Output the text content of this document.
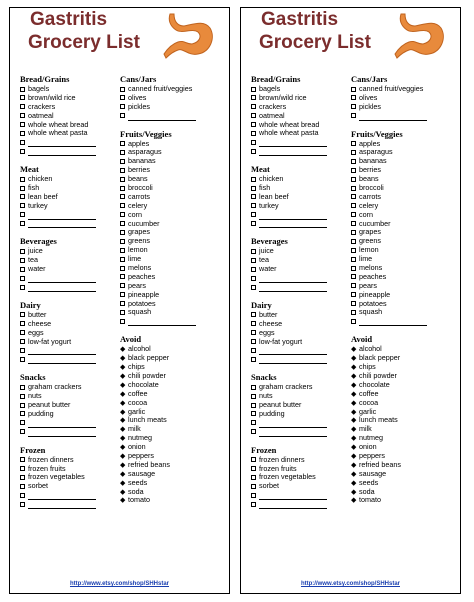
Gastritis
Grocery List
Bread/Grains
bagels
brown/wild rice
crackers
oatmeal
whole wheat bread
whole wheat pasta
Meat
chicken
fish
lean beef
turkey
Beverages
juice
tea
water
Dairy
butter
cheese
eggs
low-fat yogurt
Snacks
graham crackers
nuts
peanut butter
pudding
Frozen
frozen dinners
frozen fruits
frozen vegetables
sorbet
Cans/Jars
canned fruit/veggies
olives
pickles
Fruits/Veggies
apples
asparagus
bananas
berries
beans
broccoli
carrots
celery
corn
cucumber
grapes
greens
lemon
lime
melons
peaches
pears
pineapple
potatoes
squash
Avoid
◆ alcohol
◆ black pepper
◆ chips
◆ chili powder
◆ chocolate
◆ coffee
◆ cocoa
◆ garlic
◆ lunch meats
◆ milk
◆ nutmeg
◆ onion
◆ peppers
◆ refried beans
◆ sausage
◆ seeds
◆ soda
◆ tomato
http://www.etsy.com/shop/SHHstar
Gastritis
Grocery List
Bread/Grains
bagels
brown/wild rice
crackers
oatmeal
whole wheat bread
whole wheat pasta
Meat
chicken
fish
lean beef
turkey
Beverages
juice
tea
water
Dairy
butter
cheese
eggs
low-fat yogurt
Snacks
graham crackers
nuts
peanut butter
pudding
Frozen
frozen dinners
frozen fruits
frozen vegetables
sorbet
Cans/Jars
canned fruit/veggies
olives
pickles
Fruits/Veggies
apples
asparagus
bananas
berries
beans
broccoli
carrots
celery
corn
cucumber
grapes
greens
lemon
lime
melons
peaches
pears
pineapple
potatoes
squash
Avoid
◆ alcohol
◆ black pepper
◆ chips
◆ chili powder
◆ chocolate
◆ coffee
◆ cocoa
◆ garlic
◆ lunch meats
◆ milk
◆ nutmeg
◆ onion
◆ peppers
◆ refried beans
◆ sausage
◆ seeds
◆ soda
◆ tomato
http://www.etsy.com/shop/SHHstar
